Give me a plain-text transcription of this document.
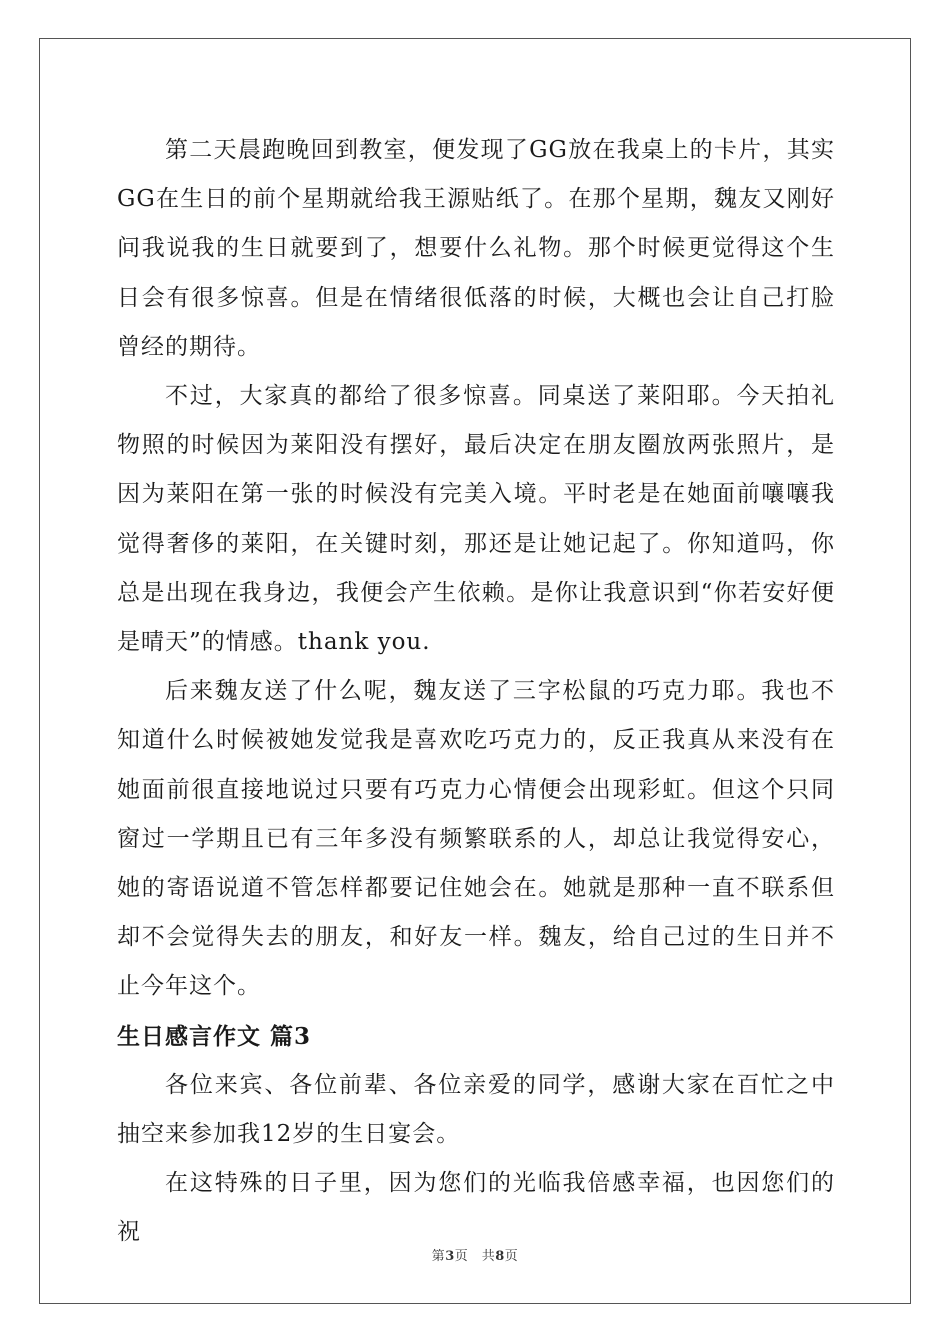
第二天晨跑晚回到教室，便发现了GG放在我桌上的卡片，其实GG在生日的前个星期就给我王源贴纸了。在那个星期，魏友又刚好问我说我的生日就要到了，想要什么礼物。那个时候更觉得这个生日会有很多惊喜。但是在情绪很低落的时候，大概也会让自己打脸曾经的期待。

不过，大家真的都给了很多惊喜。同桌送了莱阳耶。今天拍礼物照的时候因为莱阳没有摆好，最后决定在朋友圈放两张照片，是因为莱阳在第一张的时候没有完美入境。平时老是在她面前嚷嚷我觉得奢侈的莱阳，在关键时刻，那还是让她记起了。你知道吗，你总是出现在我身边，我便会产生依赖。是你让我意识到“你若安好便是晴天”的情感。thank you.

后来魏友送了什么呢，魏友送了三字松鼠的巧克力耶。我也不知道什么时候被她发觉我是喜欢吃巧克力的，反正我真从来没有在她面前很直接地说过只要有巧克力心情便会出现彩虹。但这个只同窗过一学期且已有三年多没有频繁联系的人，却总让我觉得安心，她的寄语说道不管怎样都要记住她会在。她就是那种一直不联系但却不会觉得失去的朋友，和好友一样。魏友，给自己过的生日并不止今年这个。

生日感言作文 篇3

各位来宾、各位前辈、各位亲爱的同学，感谢大家在百忙之中抽空来参加我12岁的生日宴会。

在这特殊的日子里，因为您们的光临我倍感幸福，也因您们的祝

第3页　共8页
